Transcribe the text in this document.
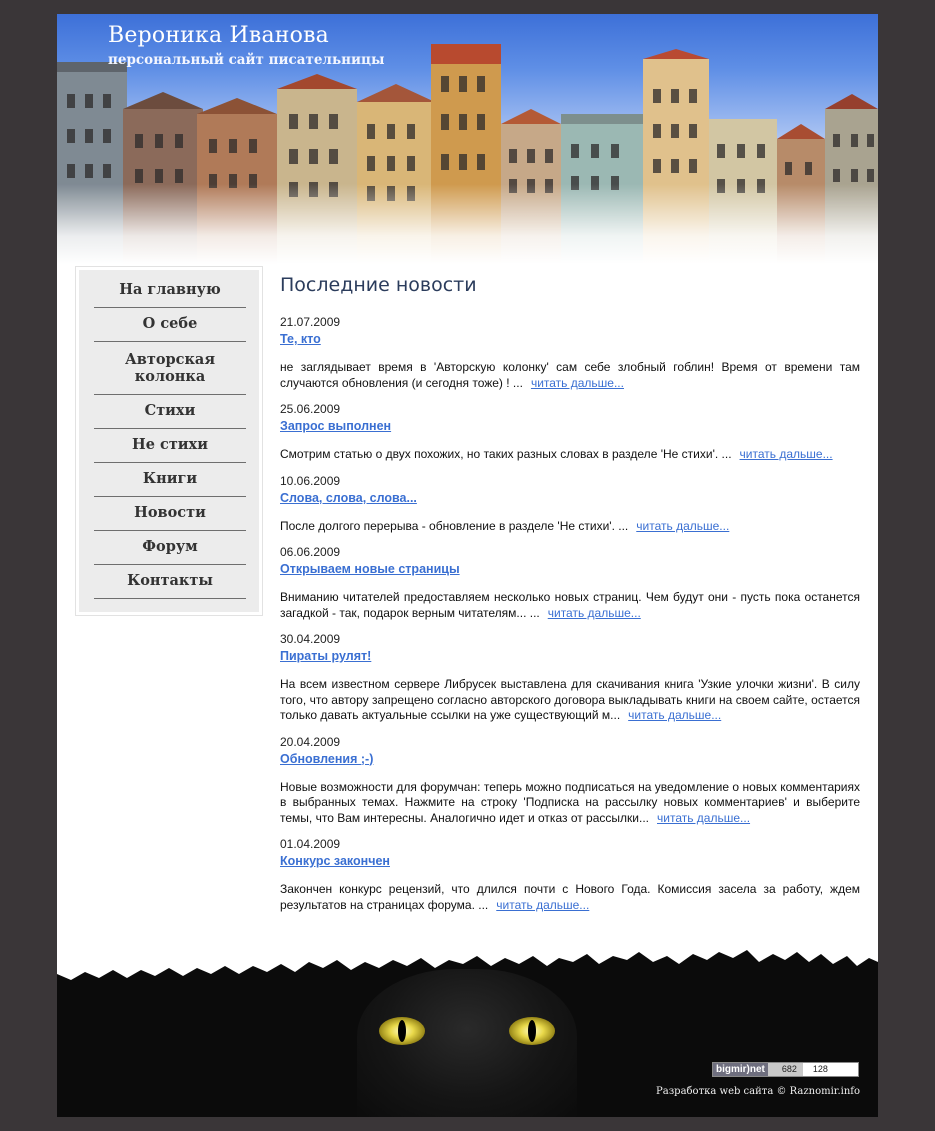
Вероника Иванова
персональный сайт писательницы
На главную
О себе
Авторская колонка
Стихи
Не стихи
Книги
Новости
Форум
Контакты
Последние новости
21.07.2009
Те, кто

не заглядывает время в 'Авторскую колонку' сам себе злобный гоблин! Время от времени там случаются обновления (и сегодня тоже) ! ... читать дальше...

25.06.2009
Запрос выполнен

Смотрим статью о двух похожих, но таких разных словах в разделе 'Не стихи'. ... читать дальше...

10.06.2009
Слова, слова, слова...

После долгого перерыва - обновление в разделе 'Не стихи'. ... читать дальше...

06.06.2009
Открываем новые страницы

Вниманию читателей предоставляем несколько новых страниц. Чем будут они - пусть пока останется загадкой - так, подарок верным читателям... ... читать дальше...

30.04.2009
Пираты рулят!

На всем известном сервере Либрусек выставлена для скачивания книга 'Узкие улочки жизни'. В силу того, что автору запрещено согласно авторского договора выкладывать книги на своем сайте, остается только давать актуальные ссылки на уже существующий м... читать дальше...

20.04.2009
Обновления ;-)

Новые возможности для форумчан: теперь можно подписаться на уведомление о новых комментариях в выбранных темах. Нажмите на строку 'Подписка на рассылку новых комментариев' и выберите темы, что Вам интересны. Аналогично идет и отказ от рассылки... читать дальше...

01.04.2009
Конкурс закончен

Закончен конкурс рецензий, что длился почти с Нового Года. Комиссия засела за работу, ждем результатов на страницах форума. ... читать дальше...

bigmir)net	682	128
Разработка web сайта © Raznomir.info
